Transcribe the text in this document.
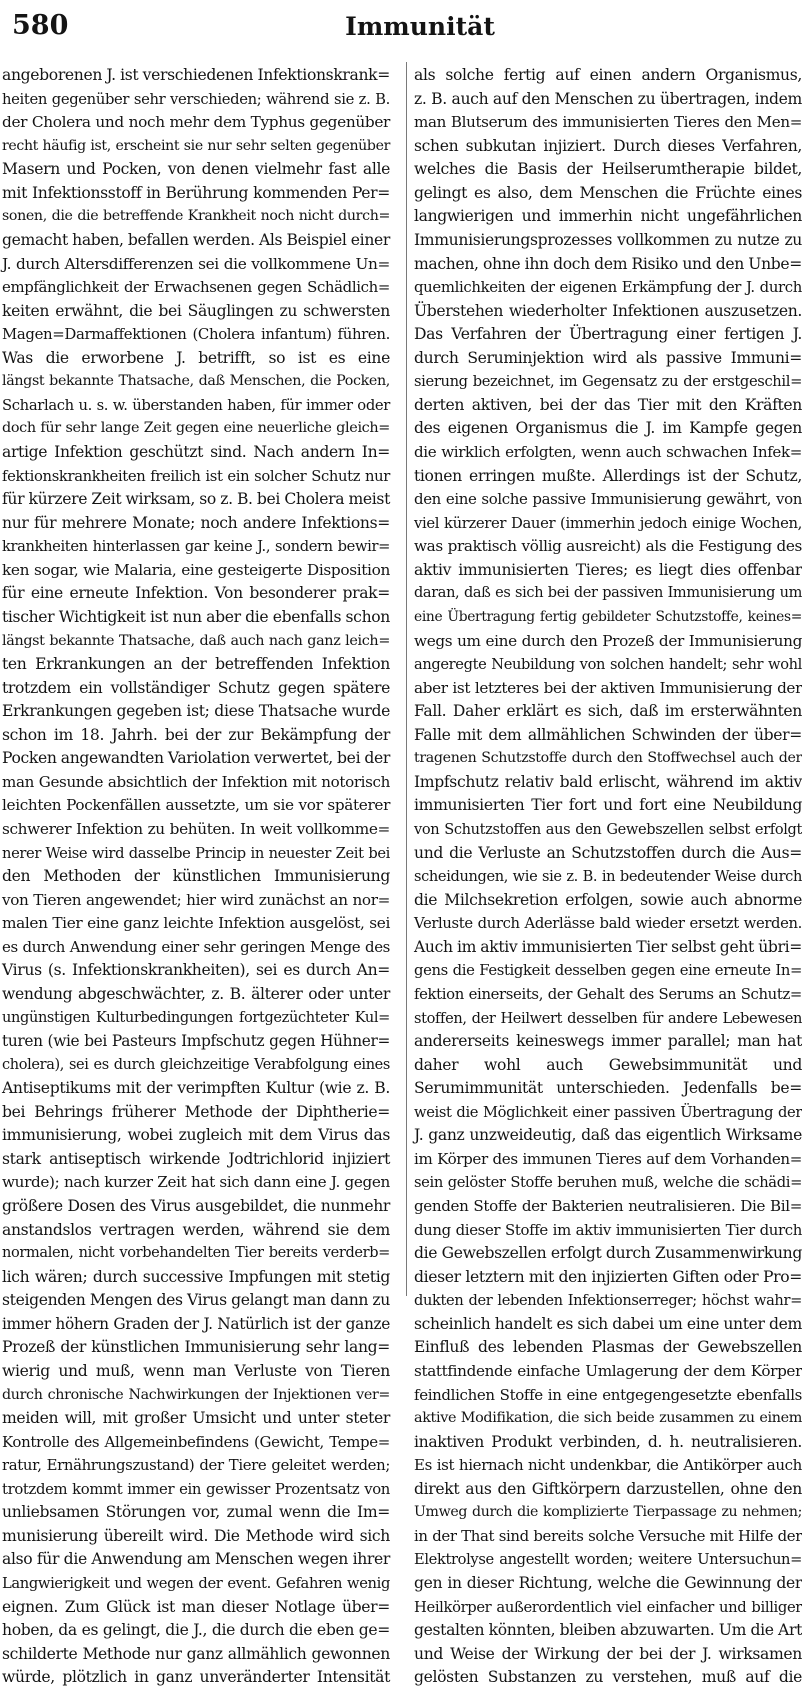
580	Immunität
angeborenen J. ist verschiedenen Infektionskrank=
heiten gegenüber sehr verschieden; während sie z. B.
der Cholera und noch mehr dem Typhus gegenüber
recht häufig ist, erscheint sie nur sehr selten gegenüber
Masern und Pocken, von denen vielmehr fast alle
mit Infektionsstoff in Berührung kommenden Per=
sonen, die die betreffende Krankheit noch nicht durch=
gemacht haben, befallen werden. Als Beispiel einer
J. durch Altersdifferenzen sei die vollkommene Un=
empfänglichkeit der Erwachsenen gegen Schädlich=
keiten erwähnt, die bei Säuglingen zu schwersten
Magen=Darmaffektionen (Cholera infantum) führen.
Was die erworbene J. betrifft, so ist es eine
längst bekannte Thatsache, daß Menschen, die Pocken,
Scharlach u. s. w. überstanden haben, für immer oder
doch für sehr lange Zeit gegen eine neuerliche gleich=
artige Infektion geschützt sind. Nach andern In=
fektionskrankheiten freilich ist ein solcher Schutz nur
für kürzere Zeit wirksam, so z. B. bei Cholera meist
nur für mehrere Monate; noch andere Infektions=
krankheiten hinterlassen gar keine J., sondern bewir=
ken sogar, wie Malaria, eine gesteigerte Disposition
für eine erneute Infektion. Von besonderer prak=
tischer Wichtigkeit ist nun aber die ebenfalls schon
längst bekannte Thatsache, daß auch nach ganz leich=
ten Erkrankungen an der betreffenden Infektion
trotzdem ein vollständiger Schutz gegen spätere
Erkrankungen gegeben ist; diese Thatsache wurde
schon im 18. Jahrh. bei der zur Bekämpfung der
Pocken angewandten Variolation verwertet, bei der
man Gesunde absichtlich der Infektion mit notorisch
leichten Pockenfällen aussetzte, um sie vor späterer
schwerer Infektion zu behüten. In weit vollkomme=
nerer Weise wird dasselbe Princip in neuester Zeit bei
den Methoden der künstlichen Immunisierung
von Tieren angewendet; hier wird zunächst an nor=
malen Tier eine ganz leichte Infektion ausgelöst, sei
es durch Anwendung einer sehr geringen Menge des
Virus (s. Infektionskrankheiten), sei es durch An=
wendung abgeschwächter, z. B. älterer oder unter
ungünstigen Kulturbedingungen fortgezüchteter Kul=
turen (wie bei Pasteurs Impfschutz gegen Hühner=
cholera), sei es durch gleichzeitige Verabfolgung eines
Antiseptikums mit der verimpften Kultur (wie z. B.
bei Behrings früherer Methode der Diphtherie=
immunisierung, wobei zugleich mit dem Virus das
stark antiseptisch wirkende Jodtrichlorid injiziert
wurde); nach kurzer Zeit hat sich dann eine J. gegen
größere Dosen des Virus ausgebildet, die nunmehr
anstandslos vertragen werden, während sie dem
normalen, nicht vorbehandelten Tier bereits verderb=
lich wären; durch successive Impfungen mit stetig
steigenden Mengen des Virus gelangt man dann zu
immer höhern Graden der J. Natürlich ist der ganze
Prozeß der künstlichen Immunisierung sehr lang=
wierig und muß, wenn man Verluste von Tieren
durch chronische Nachwirkungen der Injektionen ver=
meiden will, mit großer Umsicht und unter steter
Kontrolle des Allgemeinbefindens (Gewicht, Tempe=
ratur, Ernährungszustand) der Tiere geleitet werden;
trotzdem kommt immer ein gewisser Prozentsatz von
unliebsamen Störungen vor, zumal wenn die Im=
munisierung übereilt wird. Die Methode wird sich
also für die Anwendung am Menschen wegen ihrer
Langwierigkeit und wegen der event. Gefahren wenig
eignen. Zum Glück ist man dieser Notlage über=
hoben, da es gelingt, die J., die durch die eben ge=
schilderte Methode nur ganz allmählich gewonnen
würde, plötzlich in ganz unveränderter Intensität
als solche fertig auf einen andern Organismus,
z. B. auch auf den Menschen zu übertragen, indem
man Blutserum des immunisierten Tieres den Men=
schen subkutan injiziert. Durch dieses Verfahren,
welches die Basis der Heilserumtherapie bildet,
gelingt es also, dem Menschen die Früchte eines
langwierigen und immerhin nicht ungefährlichen
Immunisierungsprozesses vollkommen zu nutze zu
machen, ohne ihn doch dem Risiko und den Unbe=
quemlichkeiten der eigenen Erkämpfung der J. durch
Überstehen wiederholter Infektionen auszusetzen.
Das Verfahren der Übertragung einer fertigen J.
durch Seruminjektion wird als passive Immuni=
sierung bezeichnet, im Gegensatz zu der erstgeschil=
derten aktiven, bei der das Tier mit den Kräften
des eigenen Organismus die J. im Kampfe gegen
die wirklich erfolgten, wenn auch schwachen Infek=
tionen erringen mußte. Allerdings ist der Schutz,
den eine solche passive Immunisierung gewährt, von
viel kürzerer Dauer (immerhin jedoch einige Wochen,
was praktisch völlig ausreicht) als die Festigung des
aktiv immunisierten Tieres; es liegt dies offenbar
daran, daß es sich bei der passiven Immunisierung um
eine Übertragung fertig gebildeter Schutzstoffe, keines=
wegs um eine durch den Prozeß der Immunisierung
angeregte Neubildung von solchen handelt; sehr wohl
aber ist letzteres bei der aktiven Immunisierung der
Fall. Daher erklärt es sich, daß im ersterwähnten
Falle mit dem allmählichen Schwinden der über=
tragenen Schutzstoffe durch den Stoffwechsel auch der
Impfschutz relativ bald erlischt, während im aktiv
immunisierten Tier fort und fort eine Neubildung
von Schutzstoffen aus den Gewebszellen selbst erfolgt
und die Verluste an Schutzstoffen durch die Aus=
scheidungen, wie sie z. B. in bedeutender Weise durch
die Milchsekretion erfolgen, sowie auch abnorme
Verluste durch Aderlässe bald wieder ersetzt werden.
Auch im aktiv immunisierten Tier selbst geht übri=
gens die Festigkeit desselben gegen eine erneute In=
fektion einerseits, der Gehalt des Serums an Schutz=
stoffen, der Heilwert desselben für andere Lebewesen
andererseits keineswegs immer parallel; man hat
daher wohl auch Gewebsimmunität und
Serumimmunität unterschieden. Jedenfalls be=
weist die Möglichkeit einer passiven Übertragung der
J. ganz unzweideutig, daß das eigentlich Wirksame
im Körper des immunen Tieres auf dem Vorhanden=
sein gelöster Stoffe beruhen muß, welche die schädi=
genden Stoffe der Bakterien neutralisieren. Die Bil=
dung dieser Stoffe im aktiv immunisierten Tier durch
die Gewebszellen erfolgt durch Zusammenwirkung
dieser letztern mit den injizierten Giften oder Pro=
dukten der lebenden Infektionserreger; höchst wahr=
scheinlich handelt es sich dabei um eine unter dem
Einfluß des lebenden Plasmas der Gewebszellen
stattfindende einfache Umlagerung der dem Körper
feindlichen Stoffe in eine entgegengesetzte ebenfalls
aktive Modifikation, die sich beide zusammen zu einem
inaktiven Produkt verbinden, d. h. neutralisieren.
Es ist hiernach nicht undenkbar, die Antikörper auch
direkt aus den Giftkörpern darzustellen, ohne den
Umweg durch die komplizierte Tierpassage zu nehmen;
in der That sind bereits solche Versuche mit Hilfe der
Elektrolyse angestellt worden; weitere Untersuchun=
gen in dieser Richtung, welche die Gewinnung der
Heilkörper außerordentlich viel einfacher und billiger
gestalten könnten, bleiben abzuwarten. Um die Art
und Weise der Wirkung der bei der J. wirksamen
gelösten Substanzen zu verstehen, muß auf die
